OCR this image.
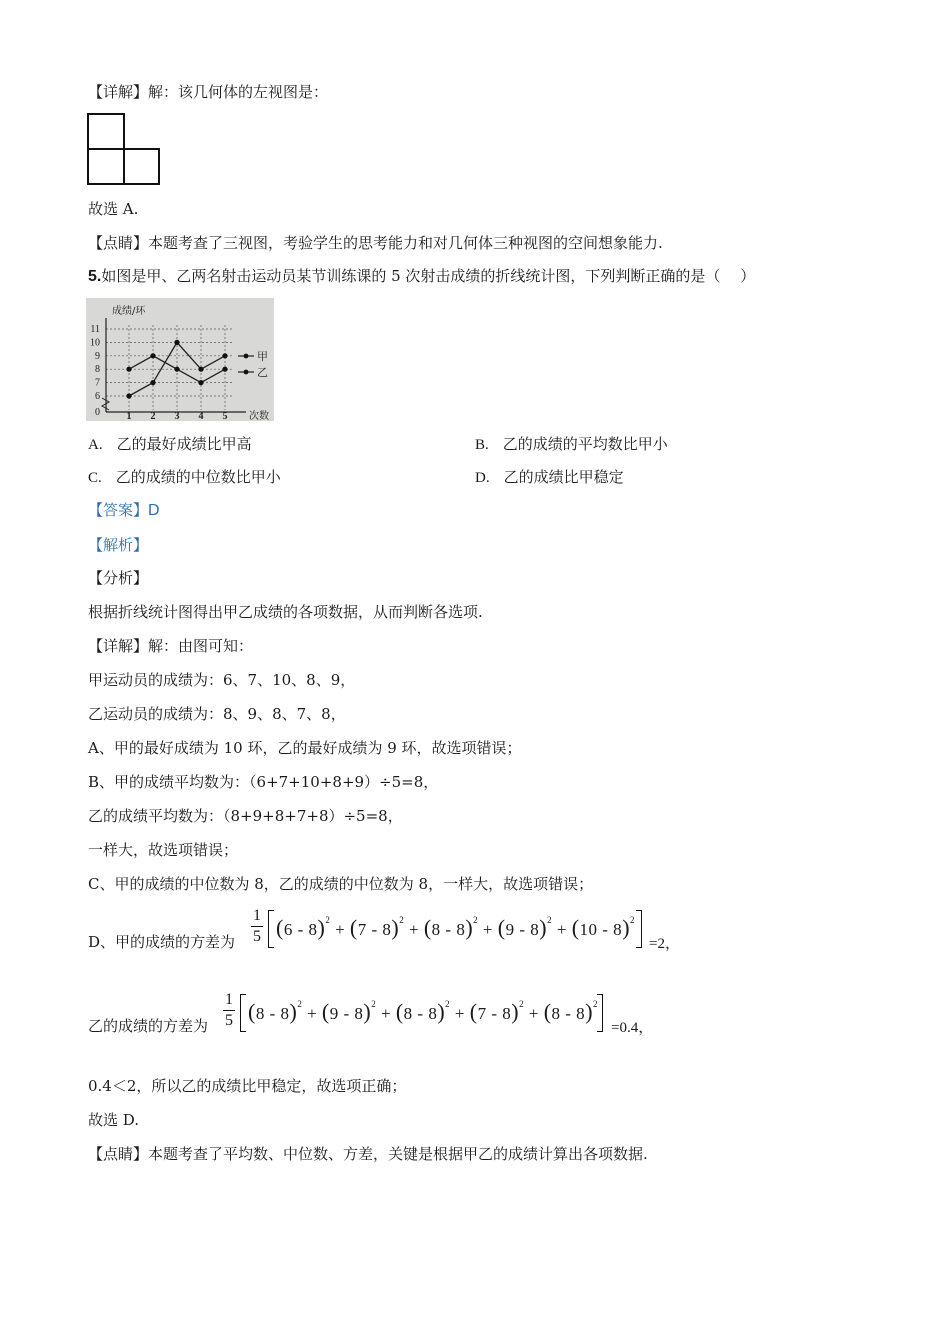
【详解】解：该几何体的左视图是：
故选 A.
【点睛】本题考查了三视图，考验学生的思考能力和对几何体三种视图的空间想象能力.
5.如图是甲、乙两名射击运动员某节训练课的 5 次射击成绩的折线统计图，下列判断正确的是（　 ）
0
6
7
8
9
10
11
1 2 3 4 5
成绩/环
次数
甲
乙
A. 乙的最好成绩比甲高	B. 乙的成绩的平均数比甲小
C. 乙的成绩的中位数比甲小	D. 乙的成绩比甲稳定
【答案】D
【解析】
【分析】
根据折线统计图得出甲乙成绩的各项数据，从而判断各选项.
【详解】解：由图可知：
甲运动员的成绩为：6、7、10、8、9，
乙运动员的成绩为：8、9、8、7、8，
A、甲的最好成绩为 10 环，乙的最好成绩为 9 环，故选项错误；
B、甲的成绩平均数为：（6+7+10+8+9）÷5=8，
乙的成绩平均数为：（8+9+8+7+8）÷5=8，
一样大，故选项错误；
C、甲的成绩的中位数为 8，乙的成绩的中位数为 8，一样大，故选项错误；
D、甲的成绩的方差为
1
5 (6 - 8)$^2$ + (7 - 8)$^2$ + (8 - 8)$^2$ + (9 - 8)$^2$ + (10 - 8)$^2$
=2，
乙的成绩的方差为
1
5 (8 - 8)$^2$ + (9 - 8)$^2$ + (8 - 8)$^2$ + (7 - 8)$^2$ + (8 - 8)$^2$
=0.4，
0.4＜2，所以乙的成绩比甲稳定，故选项正确；
故选 D.
【点睛】本题考查了平均数、中位数、方差，关键是根据甲乙的成绩计算出各项数据.
